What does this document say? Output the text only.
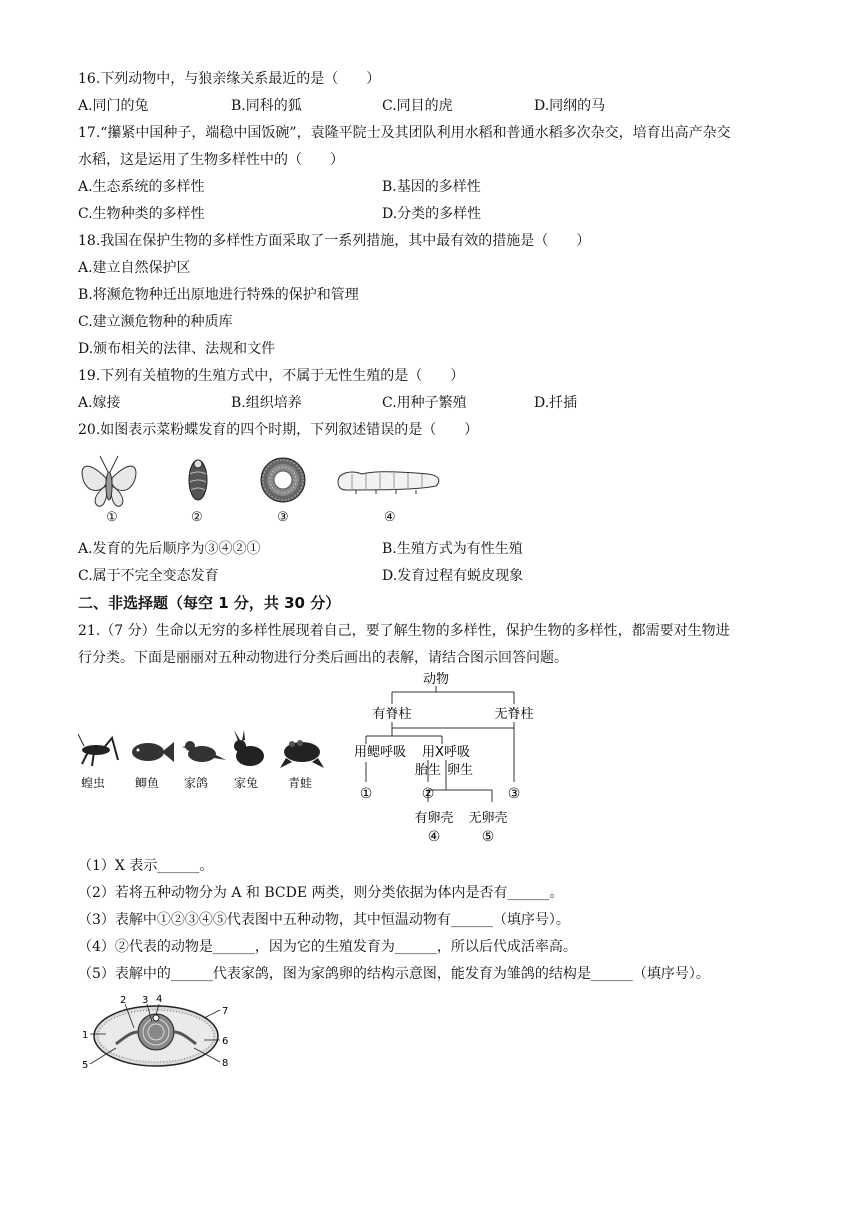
16.下列动物中，与狼亲缘关系最近的是（　　）
A.同门的兔	B.同科的狐	C.同目的虎	D.同纲的马
17.“攥紧中国种子，端稳中国饭碗”，袁隆平院士及其团队利用水稻和普通水稻多次杂交，培育出高产杂交
水稻，这是运用了生物多样性中的（　　）
A.生态系统的多样性	B.基因的多样性
C.生物种类的多样性	D.分类的多样性
18.我国在保护生物的多样性方面采取了一系列措施，其中最有效的措施是（　　）
A.建立自然保护区
B.将濒危物种迁出原地进行特殊的保护和管理
C.建立濒危物种的种质库
D.颁布相关的法律、法规和文件
19.下列有关植物的生殖方式中，不属于无性生殖的是（　　）
A.嫁接	B.组织培养	C.用种子繁殖	D.扦插
20.如图表示菜粉蝶发育的四个时期，下列叙述错误的是（　　）
①	②	③	④
A.发育的先后顺序为③④②①	B.生殖方式为有性生殖
C.属于不完全变态发育	D.发育过程有蜕皮现象
二、非选择题（每空 1 分，共 30 分）
21.（7 分）生命以无穷的多样性展现着自己，要了解生物的多样性，保护生物的多样性，都需要对生物进
行分类。下面是丽丽对五种动物进行分类后画出的表解，请结合图示回答问题。
蝗虫 鲫鱼 家鸽 家兔 青蛙
动物
有脊柱	无脊柱
用鳃呼吸 用X呼吸
胎生 卵生
①	②	③
有卵壳 无卵壳
④	⑤
（1）X 表示______。
（2）若将五种动物分为 A 和 BCDE 两类，则分类依据为体内是否有______。
（3）表解中①②③④⑤代表图中五种动物，其中恒温动物有______（填序号）。
（4）②代表的动物是______，因为它的生殖发育为______，所以后代成活率高。
（5）表解中的______代表家鸽，图为家鸽卵的结构示意图，能发育为雏鸽的结构是______（填序号）。
1
2 3 4
5
6
7
8
